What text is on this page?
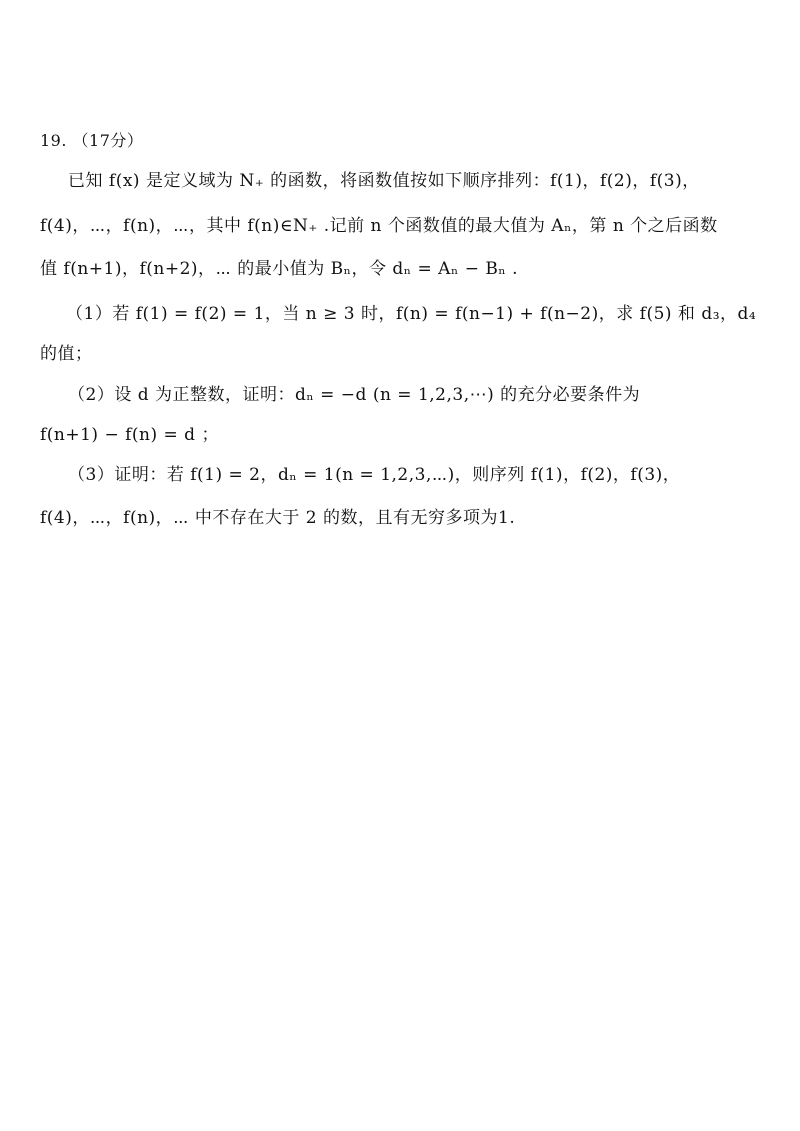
19. （17分）
已知 f(x) 是定义域为 N₊ 的函数，将函数值按如下顺序排列：f(1)，f(2)，f(3)，
f(4)，⋯，f(n)，⋯，其中 f(n)∈N₊ .记前 n 个函数值的最大值为 Aₙ，第 n 个之后函数
值 f(n+1)，f(n+2)，⋯ 的最小值为 Bₙ，令 dₙ = Aₙ − Bₙ .
（1）若 f(1) = f(2) = 1，当 n ≥ 3 时，f(n) = f(n−1) + f(n−2)，求 f(5) 和 d₃，d₄
的值；
（2）设 d 为正整数，证明：dₙ = −d (n = 1,2,3,⋯) 的充分必要条件为
f(n+1) − f(n) = d ；
（3）证明：若 f(1) = 2，dₙ = 1(n = 1,2,3,⋯)，则序列 f(1)，f(2)，f(3)，
f(4)，⋯，f(n)，⋯ 中不存在大于 2 的数，且有无穷多项为1.
